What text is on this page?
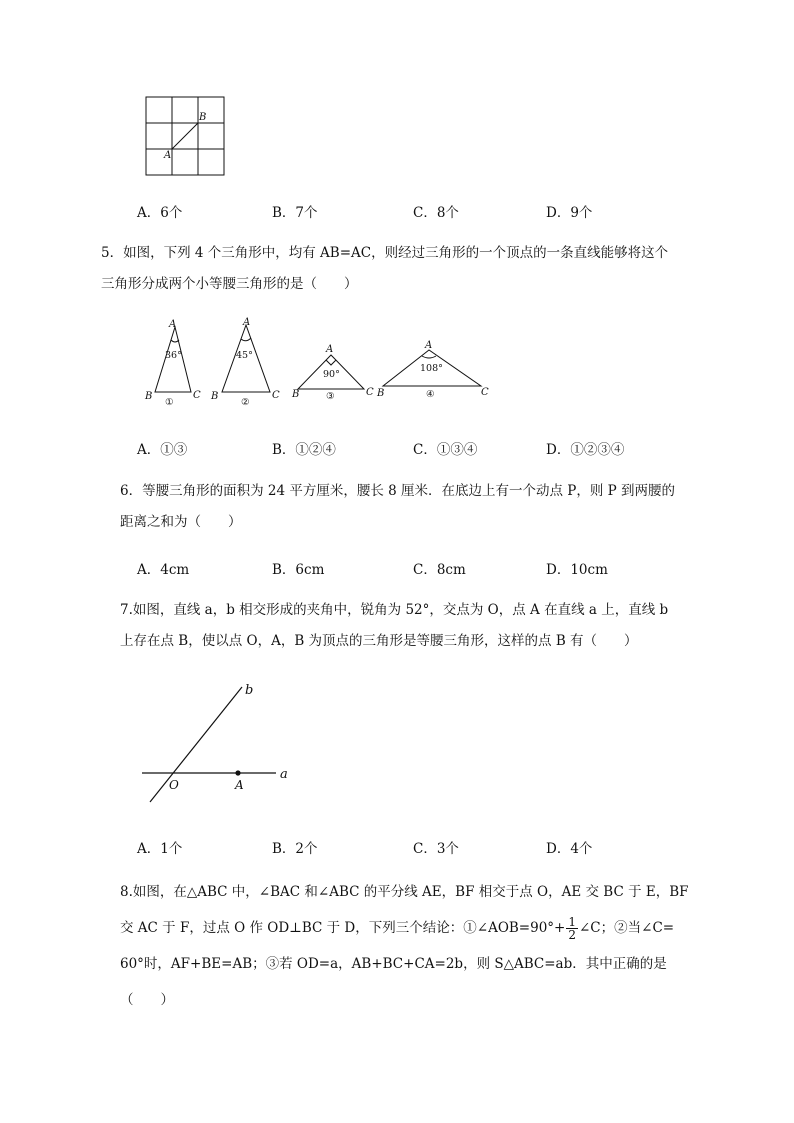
A
B
A．6个	B．7个	C．8个	D．9个
5．如图，下列 4 个三角形中，均有 AB=AC，则经过三角形的一个顶点的一条直线能够将这个
三角形分成两个小等腰三角形的是（　　）
A
B	C
36°
①
A
B	C
45°
②
A
B	C
90°
③
A
B	C
108°
④
A．①③	B．①②④	C．①③④	D．①②③④
6．等腰三角形的面积为 24 平方厘米，腰长 8 厘米．在底边上有一个动点 P，则 P 到两腰的
距离之和为（　　）
A．4cm	B．6cm	C．8cm	D．10cm
7.如图，直线 a，b 相交形成的夹角中，锐角为 52°，交点为 O，点 A 在直线 a 上，直线 b
上存在点 B，使以点 O，A，B 为顶点的三角形是等腰三角形，这样的点 B 有（　　）
b
a
O	A
A．1个	B．2个	C．3个	D．4个
8.如图，在△ABC 中，∠BAC 和∠ABC 的平分线 AE，BF 相交于点 O，AE 交 BC 于 E，BF
交 AC 于 F，过点 O 作 OD⊥BC 于 D，下列三个结论：①∠AOB=90°+ $\frac{1}{2}$ ∠C；②当∠C=
60°时，AF+BE=AB；③若 OD=a，AB+BC+CA=2b，则 S△ABC=ab．其中正确的是（　　）
